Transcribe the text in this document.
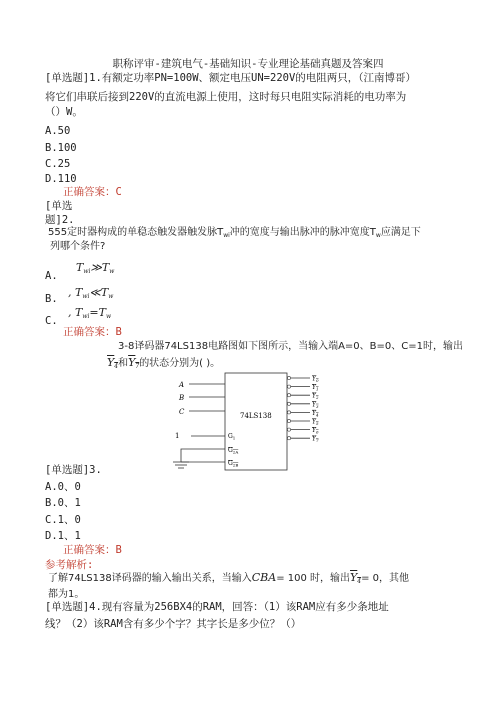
职称评审-建筑电气-基础知识-专业理论基础真题及答案四
[单选题]1.有额定功率PN=100W、额定电压UN=220V的电阻两只，（江南博哥）
将它们串联后接到220V的直流电源上使用，这时每只电阻实际消耗的电功率为
（）W。
A.50
B.100
C.25
D.110
正确答案：C
[单选
题]2.
555定时器构成的单稳态触发器触发脉$T_{wi}$冲的宽度与输出脉冲的脉冲宽度$T_w$应满足下
列哪个条件?
A. Twi≫Tw
B. , Twi≪Tw
C. , Twi=Tw
正确答案：B
3-8译码器74LS138电路图如下图所示，当输入端A=0、B=0、C=1时，输出
Y4和Y7的状态分别为( )。
A
B
C
1
74LS138
$G_1$
$G_{2A}$
$G_{2B}$
$Y_0$
$Y_1$
$Y_2$
$Y_3$
$Y_4$
$Y_5$
$Y_6$
$Y_7$
[单选题]3.
A.0、0
B.0、1
C.1、0
D.1、1
正确答案：B
参考解析:
了解74LS138译码器的输入输出关系，当输入CBA= 100 时，输出Y4= 0，其他
都为1。
[单选题]4.现有容量为256BX4的RAM，回答：（1）该RAM应有多少条地址
线？（2）该RAM含有多少个字？其字长是多少位？（）
